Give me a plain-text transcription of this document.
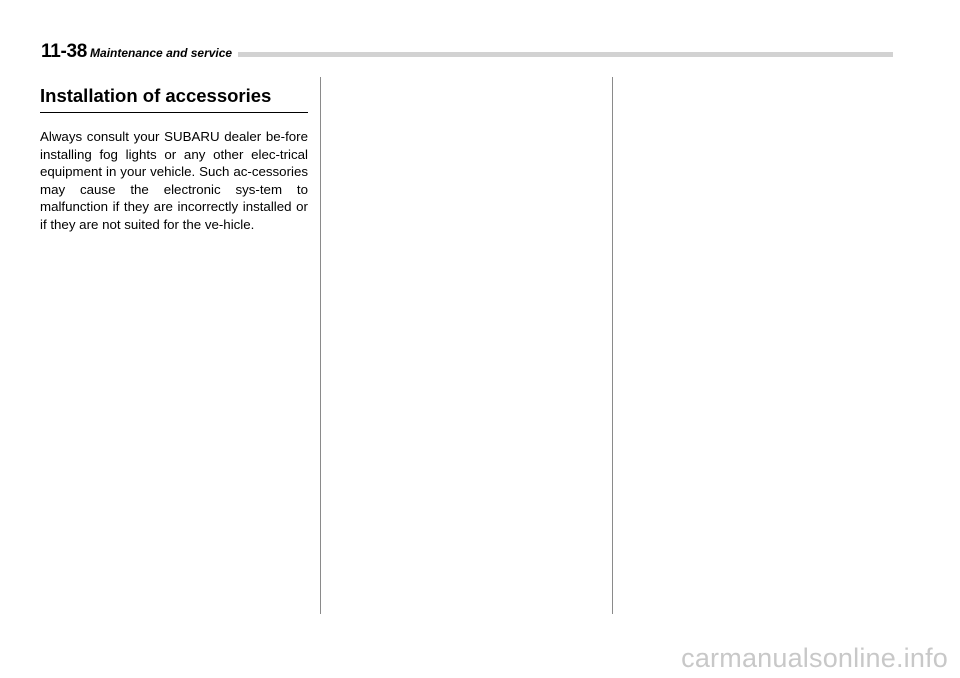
11-38 Maintenance and service
Installation of accessories

Always consult your SUBARU dealer be-fore installing fog lights or any other elec-trical equipment in your vehicle. Such ac-cessories may cause the electronic sys-tem to malfunction if they are incorrectly installed or if they are not suited for the ve-hicle.

carmanualsonline.info
